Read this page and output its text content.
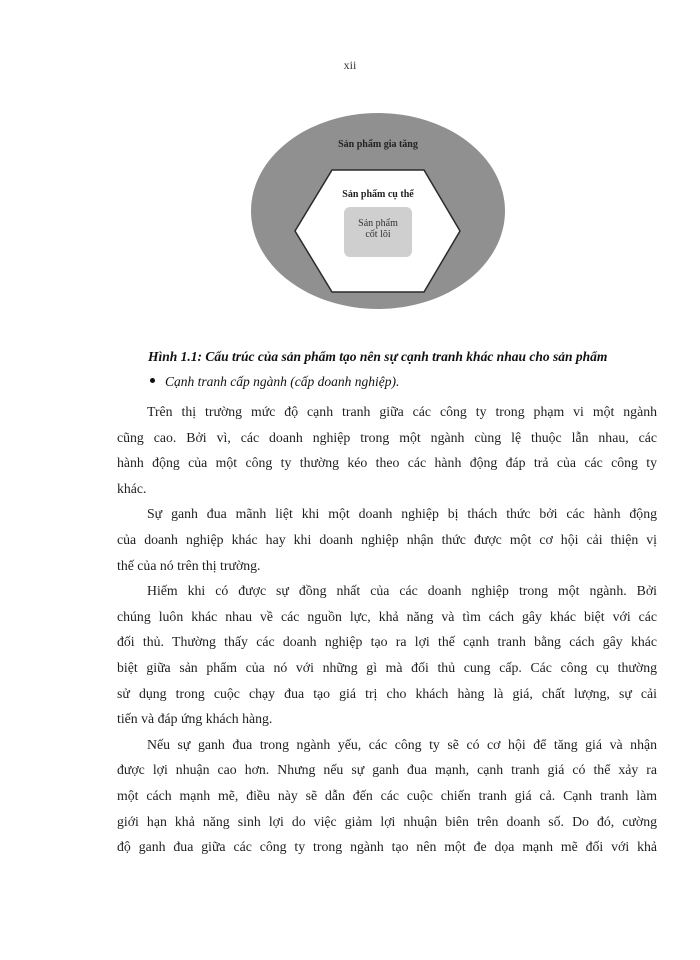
xii
Sản phẩm gia tăng
Sản phẩm cụ thể
Sản phẩm
cốt lõi
Hình 1.1: Cấu trúc của sản phẩm tạo nên sự cạnh tranh khác nhau cho sản phẩm
Cạnh tranh cấp ngành (cấp doanh nghiệp).
Trên thị trường mức độ cạnh tranh giữa các công ty trong phạm vi một ngành
cũng cao. Bởi vì, các doanh nghiệp trong một ngành cùng lệ thuộc lẫn nhau, các
hành động của một công ty thường kéo theo các hành động đáp trả của các công ty
khác.
Sự ganh đua mãnh liệt khi một doanh nghiệp bị thách thức bởi các hành động
của doanh nghiệp khác hay khi doanh nghiệp nhận thức được một cơ hội cải thiện vị
thế của nó trên thị trường.
Hiếm khi có được sự đồng nhất của các doanh nghiệp trong một ngành. Bởi
chúng luôn khác nhau về các nguồn lực, khả năng và tìm cách gây khác biệt với các
đối thủ. Thường thấy các doanh nghiệp tạo ra lợi thế cạnh tranh bằng cách gây khác
biệt giữa sản phẩm của nó với những gì mà đối thủ cung cấp. Các công cụ thường
sử dụng trong cuộc chạy đua tạo giá trị cho khách hàng là giá, chất lượng, sự cải
tiến và đáp ứng khách hàng.
Nếu sự ganh đua trong ngành yếu, các công ty sẽ có cơ hội để tăng giá và nhận
được lợi nhuận cao hơn. Nhưng nếu sự ganh đua mạnh, cạnh tranh giá có thể xảy ra
một cách mạnh mẽ, điều này sẽ dẫn đến các cuộc chiến tranh giá cả. Cạnh tranh làm
giới hạn khả năng sinh lợi do việc giảm lợi nhuận biên trên doanh số. Do đó, cường
độ ganh đua giữa các công ty trong ngành tạo nên một đe dọa mạnh mẽ đối với khả
